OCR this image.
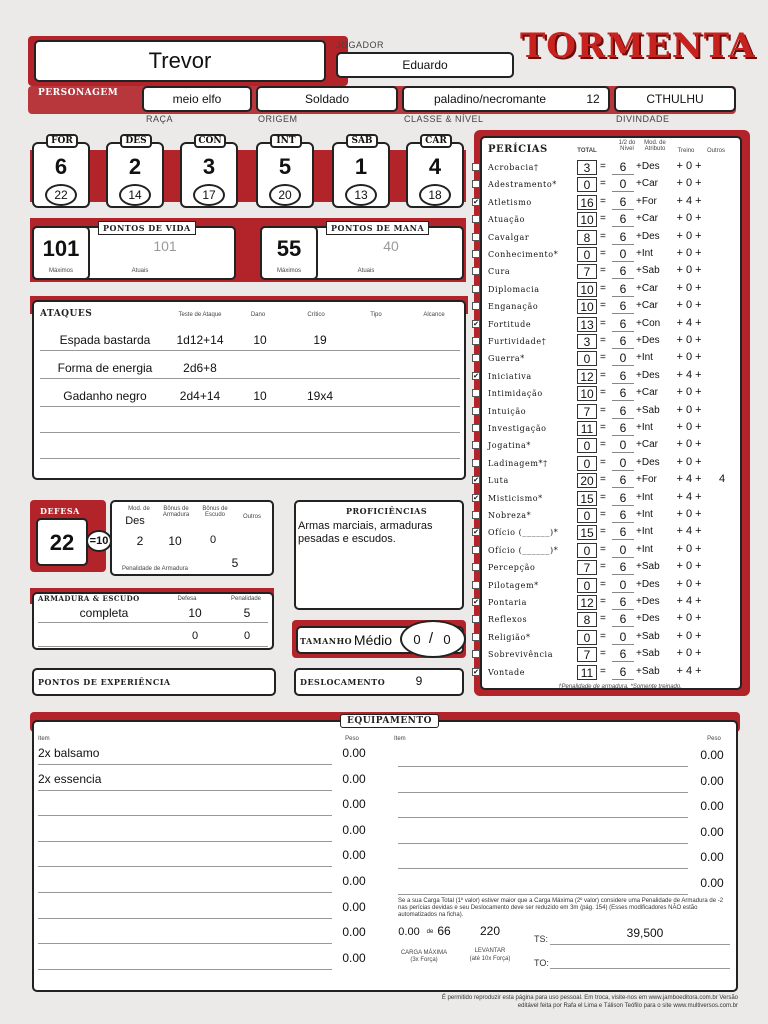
Trevor
JOGADOR
Eduardo	TORMENTA
PERSONAGEM	meio elfo	Soldado	paladino/necromante	12	CTHULHU
RAÇA	ORIGEM	CLASSE & NÍVEL	DIVINDADE
FOR
6
22
DES
2
14
CON
3
17
INT
5
20
SAB
1
13
CAR
4
18
101
Máximos
PONTOS DE VIDA
101
Atuais
55
Máximos
PONTOS DE MANA
40
Atuais
ATAQUES	Teste de Ataque	Dano	Crítico	Tipo	Alcance
Espada bastarda	1d12+14	10	19
Forma de energia	2d6+8
Gadanho negro	2d4+14	10	19x4
DEFESA
22	=10
Mod. de
Des
Bônus de Armadura
Bônus de Escudo	Outros
2	10	0
Penalidade de Armadura	5
ARMADURA & ESCUDO	Defesa	Penalidade
completa	10	5
0	0
PROFICIÊNCIAS
Armas marciais, armaduras pesadas e escudos.
TAMANHO Médio	0 / 0
PONTOS DE EXPERIÊNCIA	DESLOCAMENTO	9
PERÍCIAS	TOTAL
1/2 do Nível
Mod. de Atributo	Treino	Outros
Acrobacia†	3 =	6 +Des	+ 0 +
Adestramento*	0 =	0 +Car	+ 0 +
✔ Atletismo	16 =	6 +For	+ 4 +
Atuação	10 =	6 +Car	+ 0 +
Cavalgar	8 =	6 +Des	+ 0 +
Conhecimento*	0 =	0 +Int	+ 0 +
Cura	7 =	6 +Sab	+ 0 +
Diplomacia	10 =	6 +Car	+ 0 +
Enganação	10 =	6 +Car	+ 0 +
✔ Fortitude	13 =	6 +Con	+ 4 +
Furtividade†	3 =	6 +Des	+ 0 +
Guerra*	0 =	0 +Int	+ 0 +
✔ Iniciativa	12 =	6 +Des	+ 4 +
Intimidação	10 =	6 +Car	+ 0 +
Intuição	7 =	6 +Sab	+ 0 +
Investigação	11 =	6 +Int	+ 0 +
Jogatina*	0 =	0 +Car	+ 0 +
Ladinagem*†	0 =	0 +Des	+ 0 +
✔ Luta	20 =	6 +For	+ 4 +	4
✔ Misticismo*	15 =	6 +Int	+ 4 +
Nobreza*	0 =	6 +Int	+ 0 +
✔ Ofício (______)* 15 =	6 +Int	+ 4 +
Ofício (______)*	0 =	0 +Int	+ 0 +
Percepção	7 =	6 +Sab	+ 0 +
Pilotagem*	0 =	0 +Des	+ 0 +
✔ Pontaria	12 =	6 +Des	+ 4 +
Reflexos	8 =	6 +Des	+ 0 +
Religião*	0 =	0 +Sab	+ 0 +
Sobrevivência	7 =	6 +Sab	+ 0 +
✔ Vontade	11 =	6 +Sab	+ 4 +
†Penalidade de armadura. *Somente treinado.
EQUIPAMENTO
Item	Peso	Item	Peso
2x balsamo	0.00
2x essencia	0.00
0.00
0.00
0.00
0.00
0.00
0.00
0.00
0.00
0.00
0.00
0.00
0.00
0.00
Se a sua Carga Total (1º valor) estiver maior que a Carga Máxima (2º valor) considere uma Penalidade de Armadura de -2 nas perícias devidas e seu Deslocamento deve ser reduzido em 3m (pág. 154) (Esses modificadores NÃO estão automatizados na ficha).
0.00	de 66	220
CARGA MÁXIMA
(3x Força)
LEVANTAR
(até 10x Força)
TS:	39,500
TO:
É permitido reproduzir esta página para uso pessoal. Em troca, visite-nos em www.jamboeditora.com.br Versão editável feita por Rafa el Lima e Tálison Teófilo para o site www.multiversos.com.br
